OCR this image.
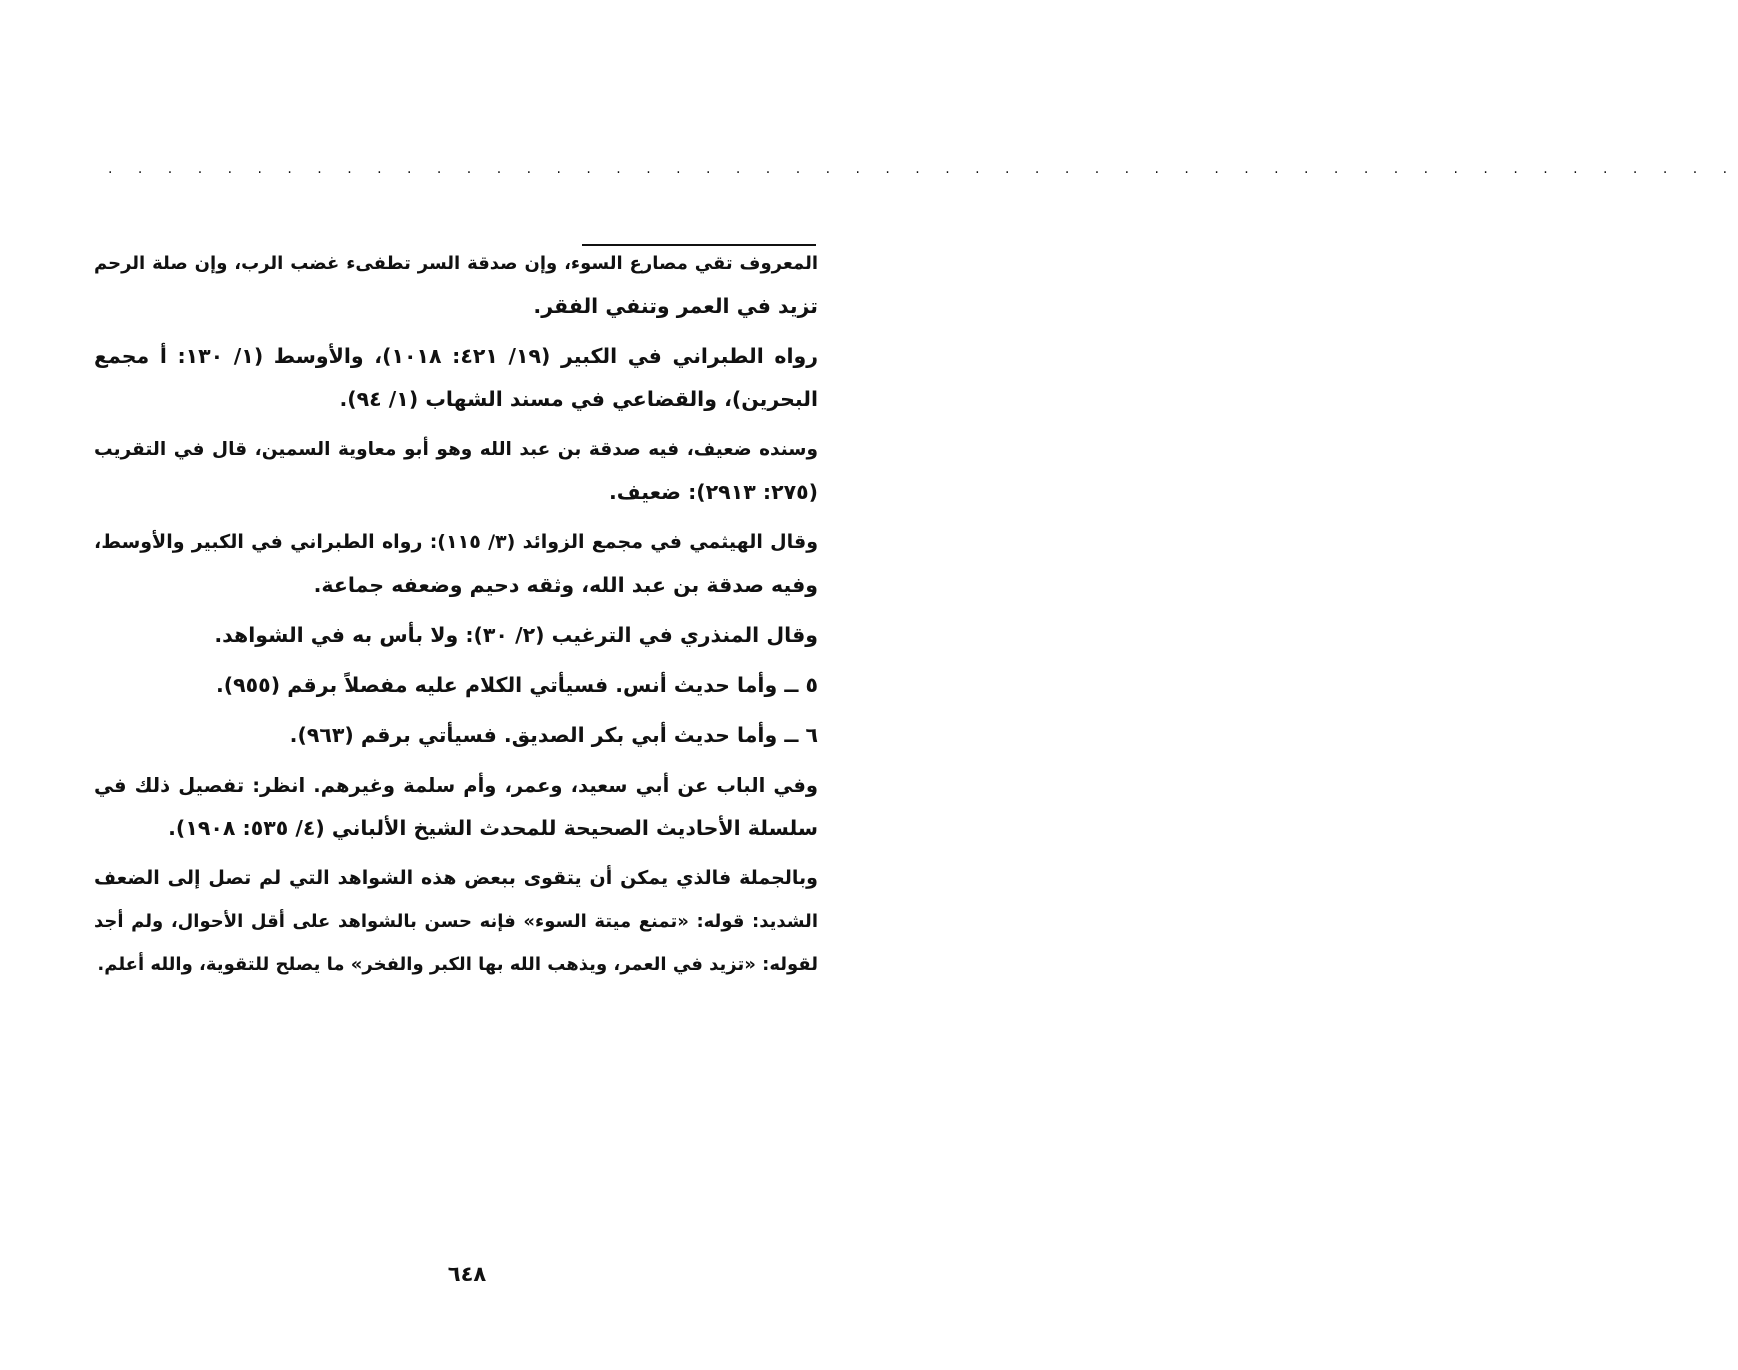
. . . . . . . . . . . . . . . . . . . . . . . . . . . . . . . . . . . . . . . . . . . . . . . . . . . . . . .
المعروف تقي مصارع السوء، وإن صدقة السر تطفىء غضب الرب، وإن صلة الرحم
تزيد في العمر وتنفي الفقر.
رواه الطبراني في الكبير (١٩/ ٤٢١: ١٠١٨)، والأوسط (١/ ١٣٠: أ مجمع
البحرين)، والقضاعي في مسند الشهاب (١/ ٩٤).
وسنده ضعيف، فيه صدقة بن عبد الله وهو أبو معاوية السمين، قال في التقريب
(٢٧٥: ٢٩١٣): ضعيف.
وقال الهيثمي في مجمع الزوائد (٣/ ١١٥): رواه الطبراني في الكبير والأوسط،
وفيه صدقة بن عبد الله، وثقه دحيم وضعفه جماعة.
وقال المنذري في الترغيب (٢/ ٣٠): ولا بأس به في الشواهد.
٥ ــ وأما حديث أنس. فسيأتي الكلام عليه مفصلاً برقم (٩٥٥).
٦ ــ وأما حديث أبي بكر الصديق. فسيأتي برقم (٩٦٣).
وفي الباب عن أبي سعيد، وعمر، وأم سلمة وغيرهم. انظر: تفصيل ذلك في
سلسلة الأحاديث الصحيحة للمحدث الشيخ الألباني (٤/ ٥٣٥: ١٩٠٨).
وبالجملة فالذي يمكن أن يتقوى ببعض هذه الشواهد التي لم تصل إلى الضعف
الشديد: قوله: «تمنع ميتة السوء» فإنه حسن بالشواهد على أقل الأحوال، ولم أجد
لقوله: «تزيد في العمر، ويذهب الله بها الكبر والفخر» ما يصلح للتقوية، والله أعلم.
٦٤٨
